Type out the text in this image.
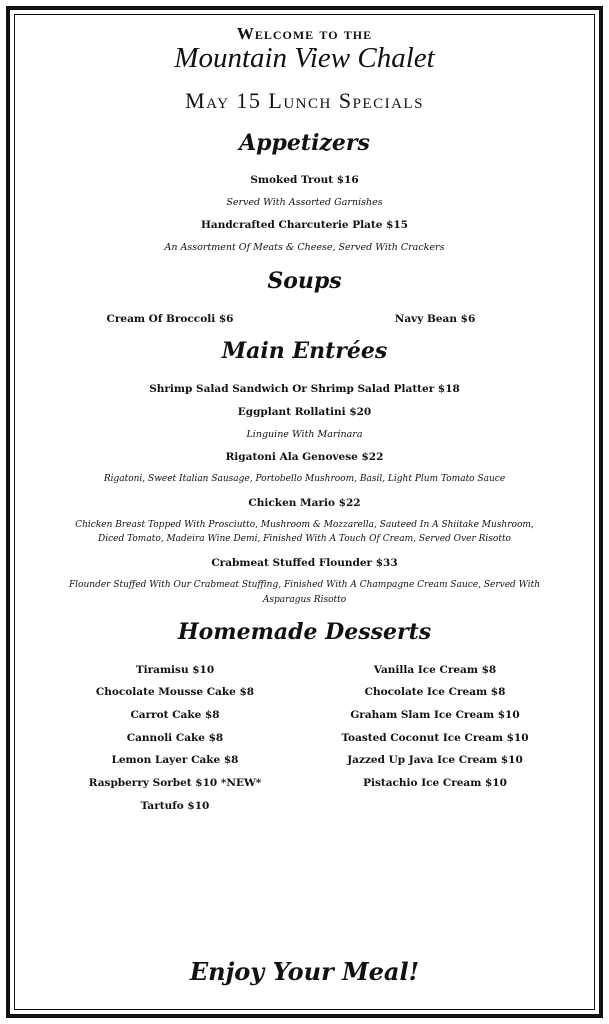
Welcome to the
Mountain View Chalet
May 15 Lunch Specials
Appetizers
Smoked Trout $16
Served With Assorted Garnishes
Handcrafted Charcuterie Plate $15
An Assortment Of Meats & Cheese, Served With Crackers
Soups
Cream Of Broccoli $6	Navy Bean $6
Main Entrées
Shrimp Salad Sandwich Or Shrimp Salad Platter $18
Eggplant Rollatini $20
Linguine With Marinara
Rigatoni Ala Genovese $22
Rigatoni, Sweet Italian Sausage, Portobello Mushroom, Basil, Light Plum Tomato Sauce
Chicken Mario $22
Chicken Breast Topped With Prosciutto, Mushroom & Mozzarella, Sauteed In A Shiitake Mushroom,
Diced Tomato, Madeira Wine Demi, Finished With A Touch Of Cream, Served Over Risotto
Crabmeat Stuffed Flounder $33
Flounder Stuffed With Our Crabmeat Stuffing, Finished With A Champagne Cream Sauce, Served With
Asparagus Risotto
Homemade Desserts
Tiramisu $10
Chocolate Mousse Cake $8
Carrot Cake $8
Cannoli Cake $8
Lemon Layer Cake $8
Raspberry Sorbet $10 *NEW*
Tartufo $10
Vanilla Ice Cream $8
Chocolate Ice Cream $8
Graham Slam Ice Cream $10
Toasted Coconut Ice Cream $10
Jazzed Up Java Ice Cream $10
Pistachio Ice Cream $10
Enjoy Your Meal!
